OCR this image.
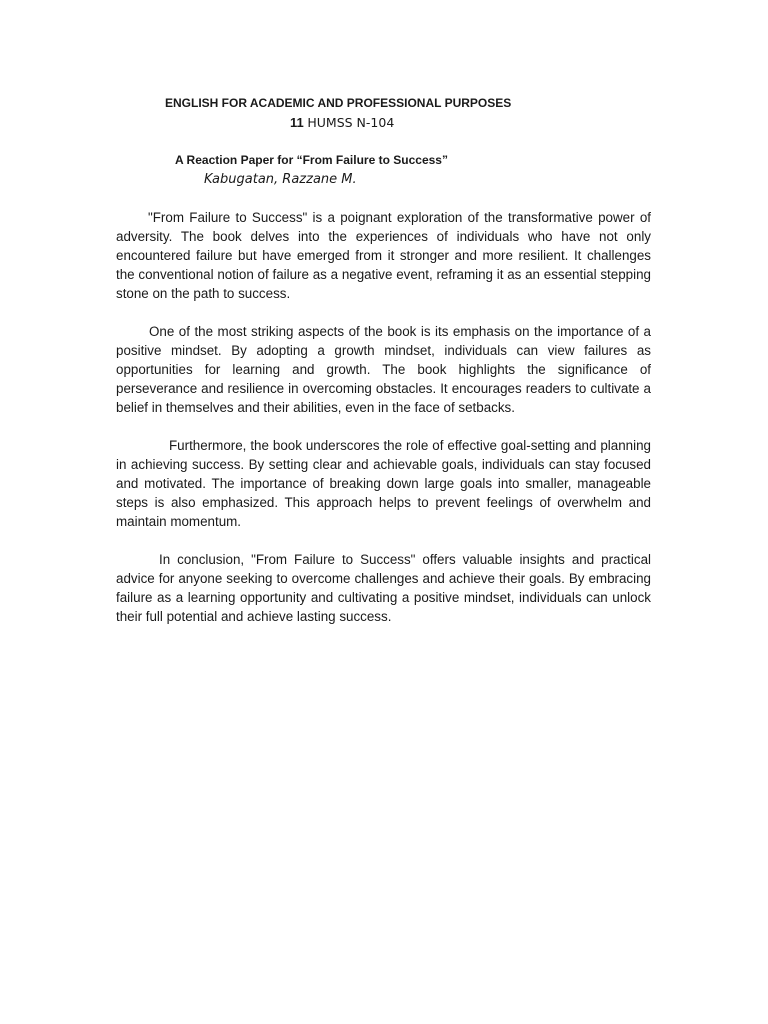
ENGLISH FOR ACADEMIC AND PROFESSIONAL PURPOSES
11 HUMSS N-104
A Reaction Paper for “From Failure to Success”
Kabugatan, Razzane M.

"From Failure to Success" is a poignant exploration of the transformative power of adversity. The book delves into the experiences of individuals who have not only encountered failure but have emerged from it stronger and more resilient. It challenges the conventional notion of failure as a negative event, reframing it as an essential stepping stone on the path to success.

One of the most striking aspects of the book is its emphasis on the importance of a positive mindset. By adopting a growth mindset, individuals can view failures as opportunities for learning and growth. The book highlights the significance of perseverance and resilience in overcoming obstacles. It encourages readers to cultivate a belief in themselves and their abilities, even in the face of setbacks.

Furthermore, the book underscores the role of effective goal-setting and planning in achieving success. By setting clear and achievable goals, individuals can stay focused and motivated. The importance of breaking down large goals into smaller, manageable steps is also emphasized. This approach helps to prevent feelings of overwhelm and maintain momentum.

In conclusion, "From Failure to Success" offers valuable insights and practical advice for anyone seeking to overcome challenges and achieve their goals. By embracing failure as a learning opportunity and cultivating a positive mindset, individuals can unlock their full potential and achieve lasting success.
